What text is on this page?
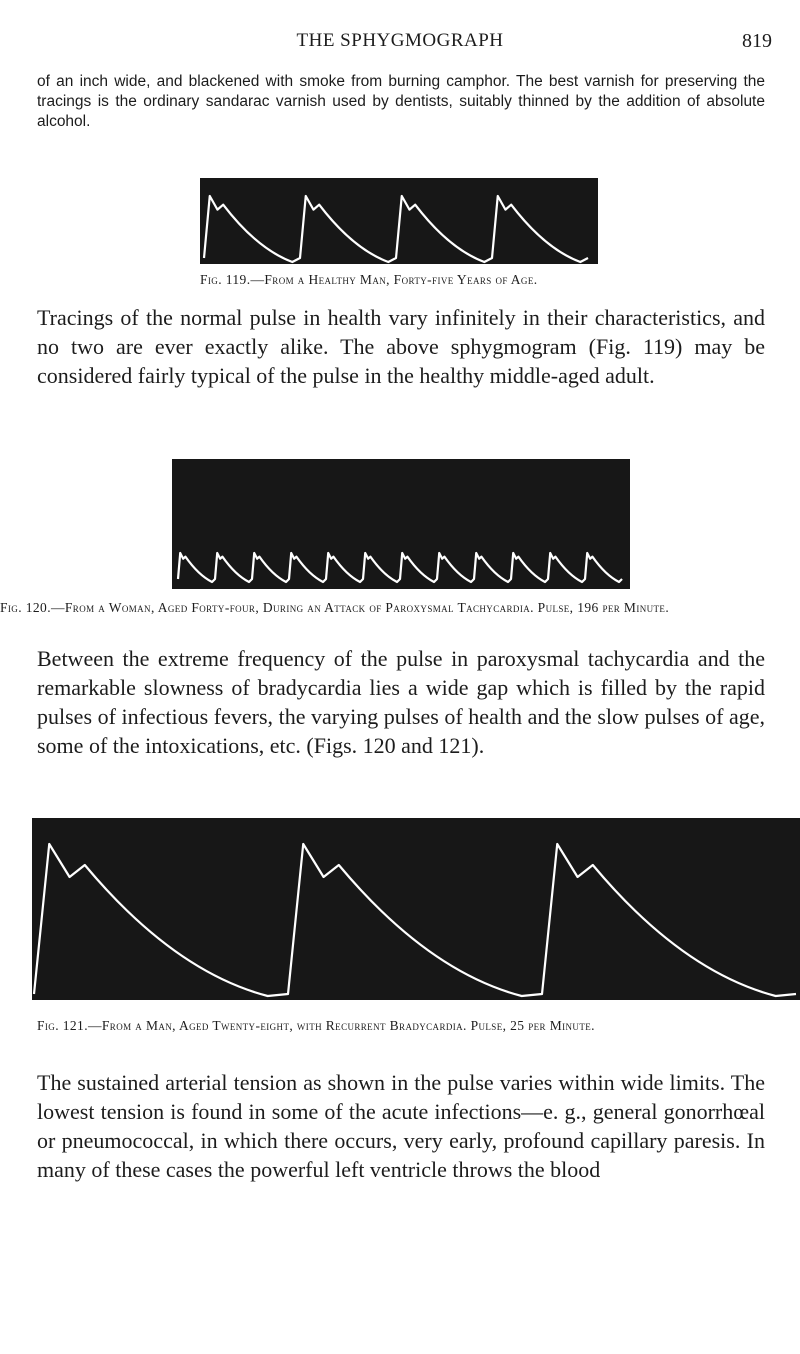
THE SPHYGMOGRAPH	819
of an inch wide, and blackened with smoke from burning camphor. The best varnish for preserving the tracings is the ordinary sandarac varnish used by dentists, suitably thinned by the addition of absolute alcohol.
Fig. 119.—From a Healthy Man, Forty-five Years of Age.
Tracings of the normal pulse in health vary infinitely in their characteristics, and no two are ever exactly alike. The above sphygmogram (Fig. 119) may be considered fairly typical of the pulse in the healthy middle-aged adult.
Fig. 120.—From a Woman, Aged Forty-four, During an Attack of Paroxysmal Tachycardia. Pulse, 196 per Minute.
Between the extreme frequency of the pulse in paroxysmal tachycardia and the remarkable slowness of bradycardia lies a wide gap which is filled by the rapid pulses of infectious fevers, the varying pulses of health and the slow pulses of age, some of the intoxications, etc. (Figs. 120 and 121).
Fig. 121.—From a Man, Aged Twenty-eight, with Recurrent Bradycardia. Pulse, 25 per Minute.
The sustained arterial tension as shown in the pulse varies within wide limits. The lowest tension is found in some of the acute infections—e. g., general gonorrhœal or pneumococcal, in which there occurs, very early, profound capillary paresis. In many of these cases the powerful left ventricle throws the blood
